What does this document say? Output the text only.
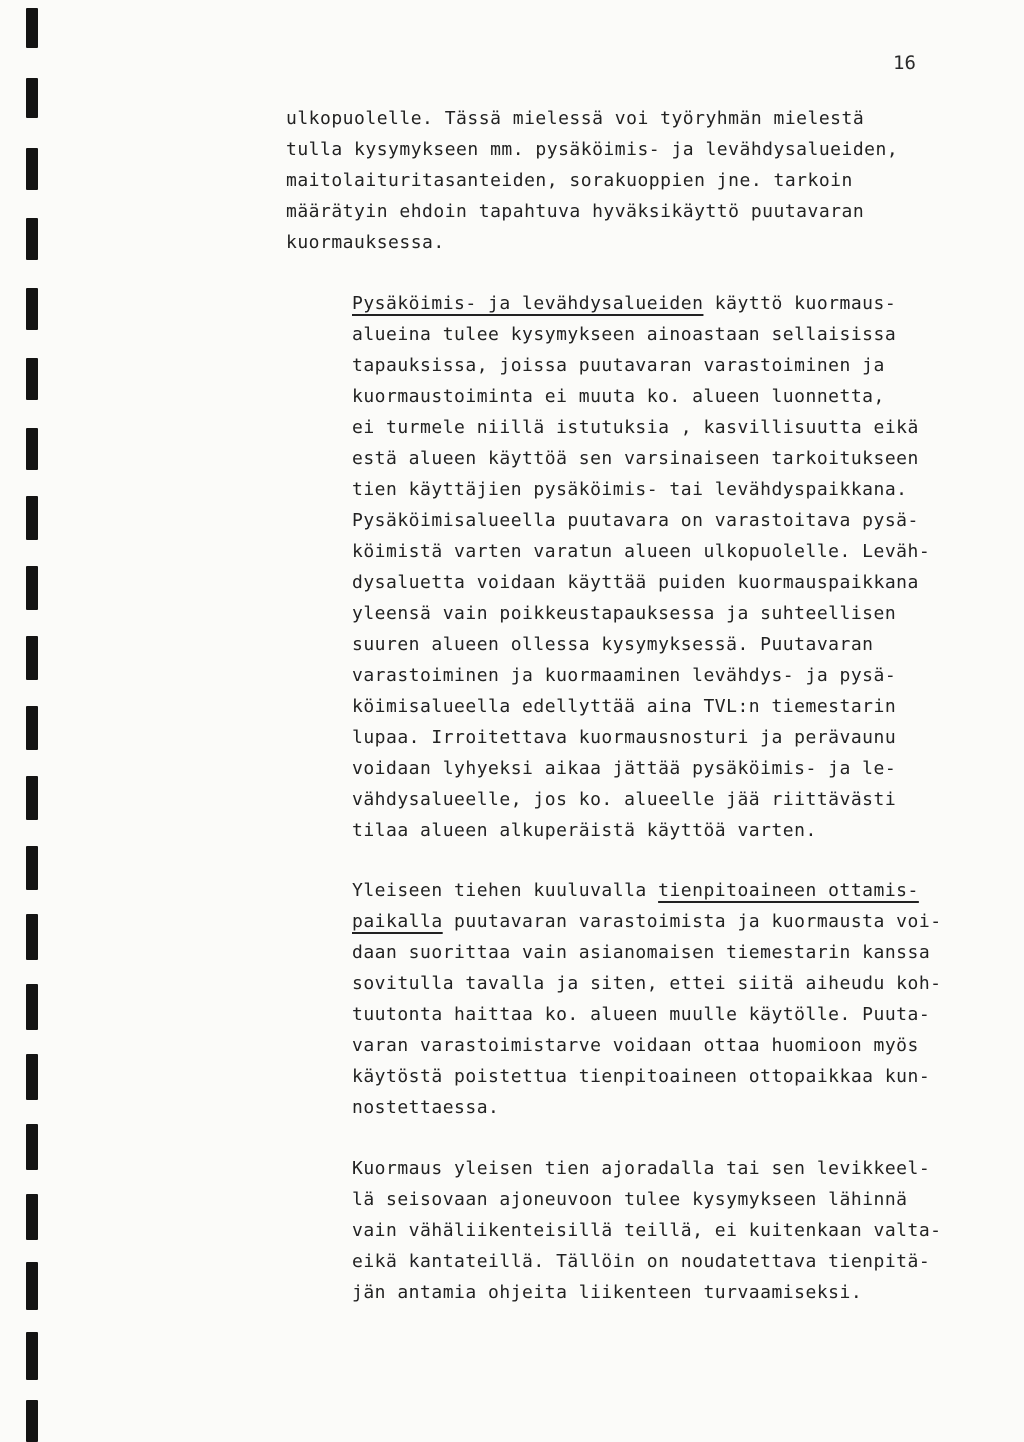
16

ulkopuolelle. Tässä mielessä voi työryhmän mielestä

tulla kysymykseen mm. pysäköimis- ja levähdysalueiden,

maitolaituritasanteiden, sorakuoppien jne. tarkoin

määrätyin ehdoin tapahtuva hyväksikäyttö puutavaran

kuormauksessa.

Pysäköimis- ja levähdysalueiden käyttö kuormaus-

alueina tulee kysymykseen ainoastaan sellaisissa

tapauksissa, joissa puutavaran varastoiminen ja

kuormaustoiminta ei muuta ko. alueen luonnetta,

ei turmele niillä istutuksia , kasvillisuutta eikä

estä alueen käyttöä sen varsinaiseen tarkoitukseen

tien käyttäjien pysäköimis- tai levähdyspaikkana.

Pysäköimisalueella puutavara on varastoitava pysä-

köimistä varten varatun alueen ulkopuolelle. Leväh-

dysaluetta voidaan käyttää puiden kuormauspaikkana

yleensä vain poikkeustapauksessa ja suhteellisen

suuren alueen ollessa kysymyksessä. Puutavaran

varastoiminen ja kuormaaminen levähdys- ja pysä-

köimisalueella edellyttää aina TVL:n tiemestarin

lupaa. Irroitettava kuormausnosturi ja perävaunu

voidaan lyhyeksi aikaa jättää pysäköimis- ja le-

vähdysalueelle, jos ko. alueelle jää riittävästi

tilaa alueen alkuperäistä käyttöä varten.

Yleiseen tiehen kuuluvalla tienpitoaineen ottamis-

paikalla puutavaran varastoimista ja kuormausta voi-

daan suorittaa vain asianomaisen tiemestarin kanssa

sovitulla tavalla ja siten, ettei siitä aiheudu koh-

tuutonta haittaa ko. alueen muulle käytölle. Puuta-

varan varastoimistarve voidaan ottaa huomioon myös

käytöstä poistettua tienpitoaineen ottopaikkaa kun-

nostettaessa.

Kuormaus yleisen tien ajoradalla tai sen levikkeel-

lä seisovaan ajoneuvoon tulee kysymykseen lähinnä

vain vähäliikenteisillä teillä, ei kuitenkaan valta-

eikä kantateillä. Tällöin on noudatettava tienpitä-

jän antamia ohjeita liikenteen turvaamiseksi.
